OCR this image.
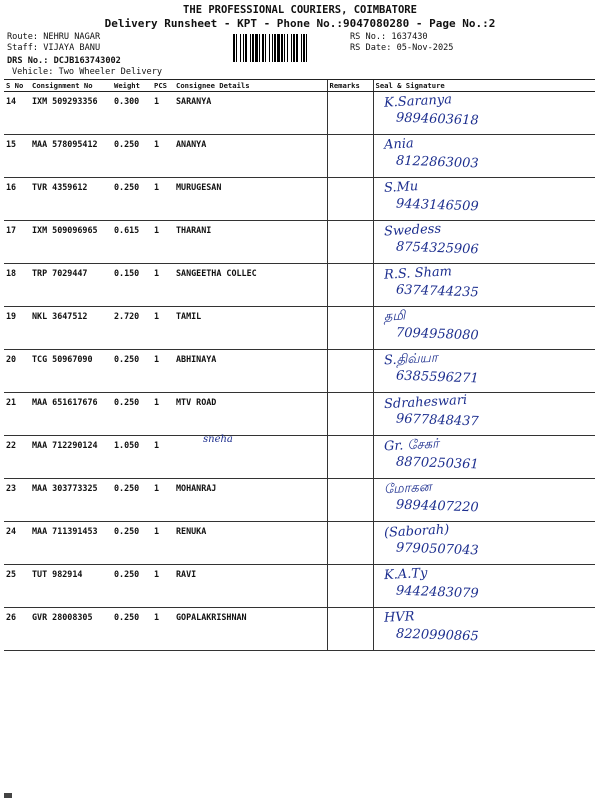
THE PROFESSIONAL COURIERS, COIMBATORE
Delivery Runsheet - KPT - Phone No.:9047080280 - Page No.:2
Route: NEHRU NAGAR
Staff: VIJAYA BANU
DRS No.: DCJB163743002
Vehicle: Two Wheeler Delivery
RS No.: 1637430
RS Date: 05-Nov-2025
S No	Consignment No	Weight	PCS	Consignee Details	Remarks	Seal & Signature
14	IXM 509293356	0.300	1	SARANYA		K.Saranya
9894603618

15	MAA 578095412	0.250	1	ANANYA		Ania
8122863003

16	TVR 4359612	0.250	1	MURUGESAN		S.Mu
9443146509

17	IXM 509096965	0.615	1	THARANI		Swedess
8754325906

18	TRP 7029447	0.150	1	SANGEETHA COLLEC		R.S. Sham
6374744235

19	NKL 3647512	2.720	1	TAMIL		தமி
7094958080

20	TCG 50967090	0.250	1	ABHINAYA		S.திவ்யா
6385596271

21	MAA 651617676	0.250	1	MTV ROAD		Sdraheswari
9677848437

22	MAA 712290124	1.050	1			Gr. சேகர்
8870250361

23	MAA 303773325	0.250	1	MOHANRAJ		மோகன
9894407220

24	MAA 711391453	0.250	1	RENUKA		(Saborah)
9790507043

25	TUT 982914	0.250	1	RAVI		K.A.Ty
9442483079

26	GVR 28008305	0.250	1	GOPALAKRISHNAN		HVR
8220990865
sneha
